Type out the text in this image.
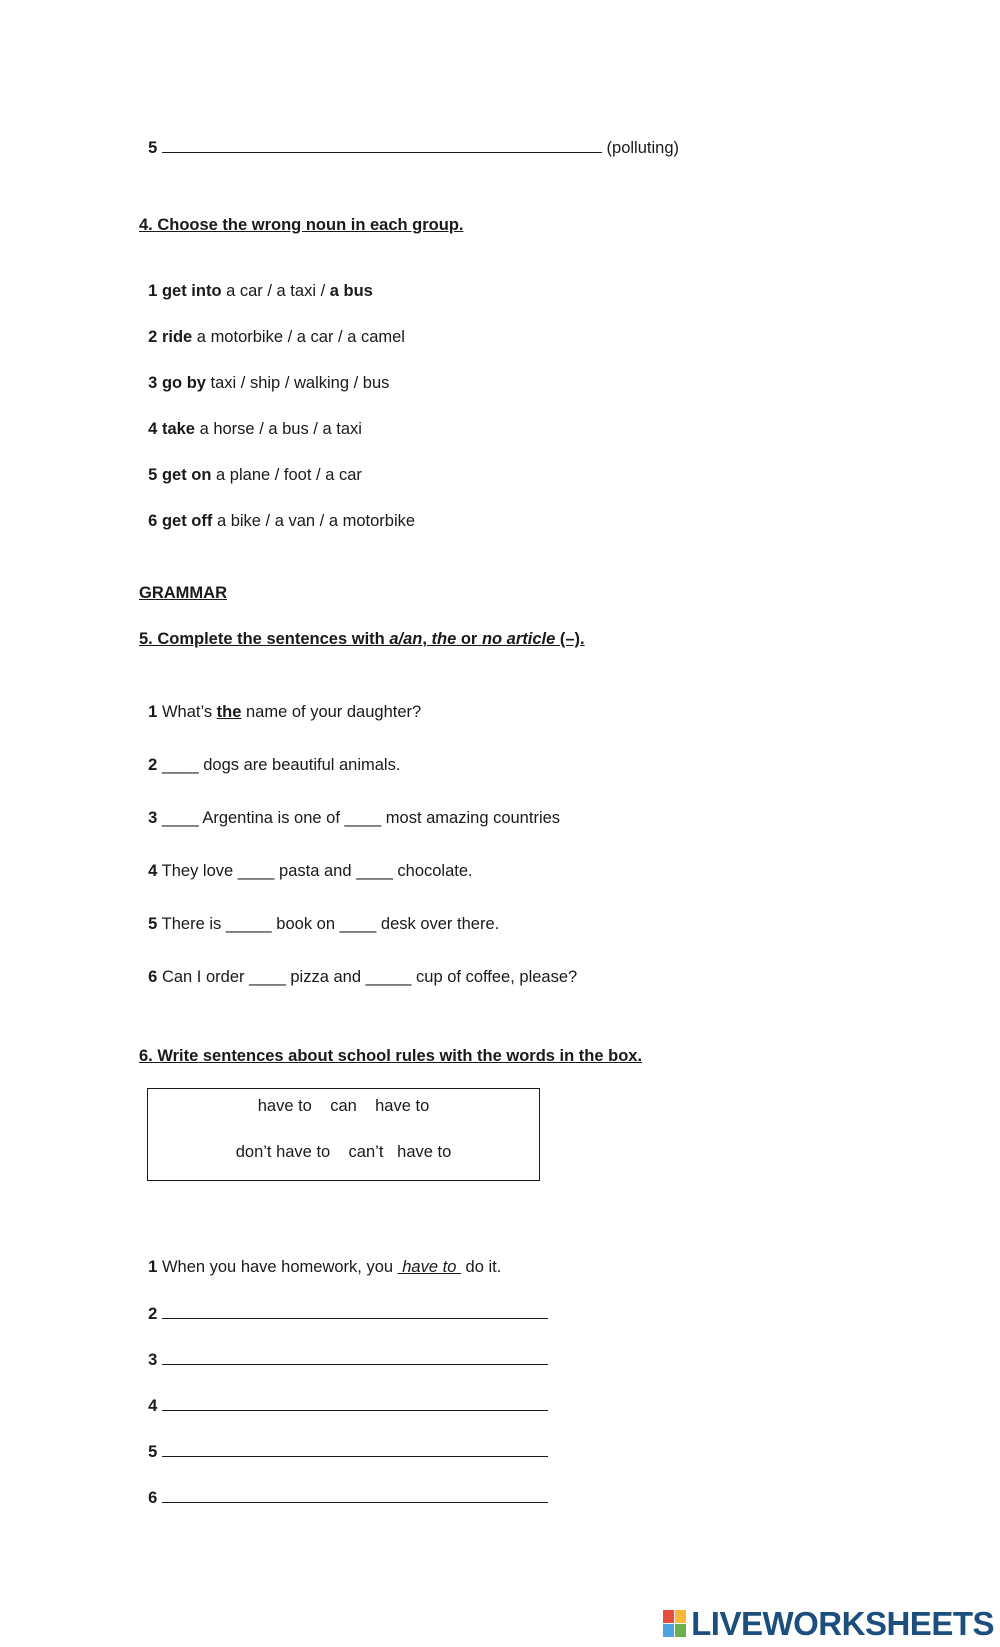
5	(polluting)

4. Choose the wrong noun in each group.

1 get into a car / a taxi / a bus

2 ride a motorbike / a car / a camel

3 go by taxi / ship / walking / bus

4 take a horse / a bus / a taxi

5 get on a plane / foot / a car

6 get off a bike / a van / a motorbike

GRAMMAR
5. Complete the sentences with a/an, the or no article (–).

1 What’s the name of your daughter?

2 ____ dogs are beautiful animals.

3 ____ Argentina is one of ____ most amazing countries

4 They love ____ pasta and ____ chocolate.

5 There is _____ book on ____ desk over there.

6 Can I order ____ pizza and _____ cup of coffee, please?

6. Write sentences about school rules with the words in the box.
have to    can    have to
don’t have to    can’t   have to

1 When you have homework, you  have to  do it.

2

3

4

5

6

LIVEWORKSHEETS
